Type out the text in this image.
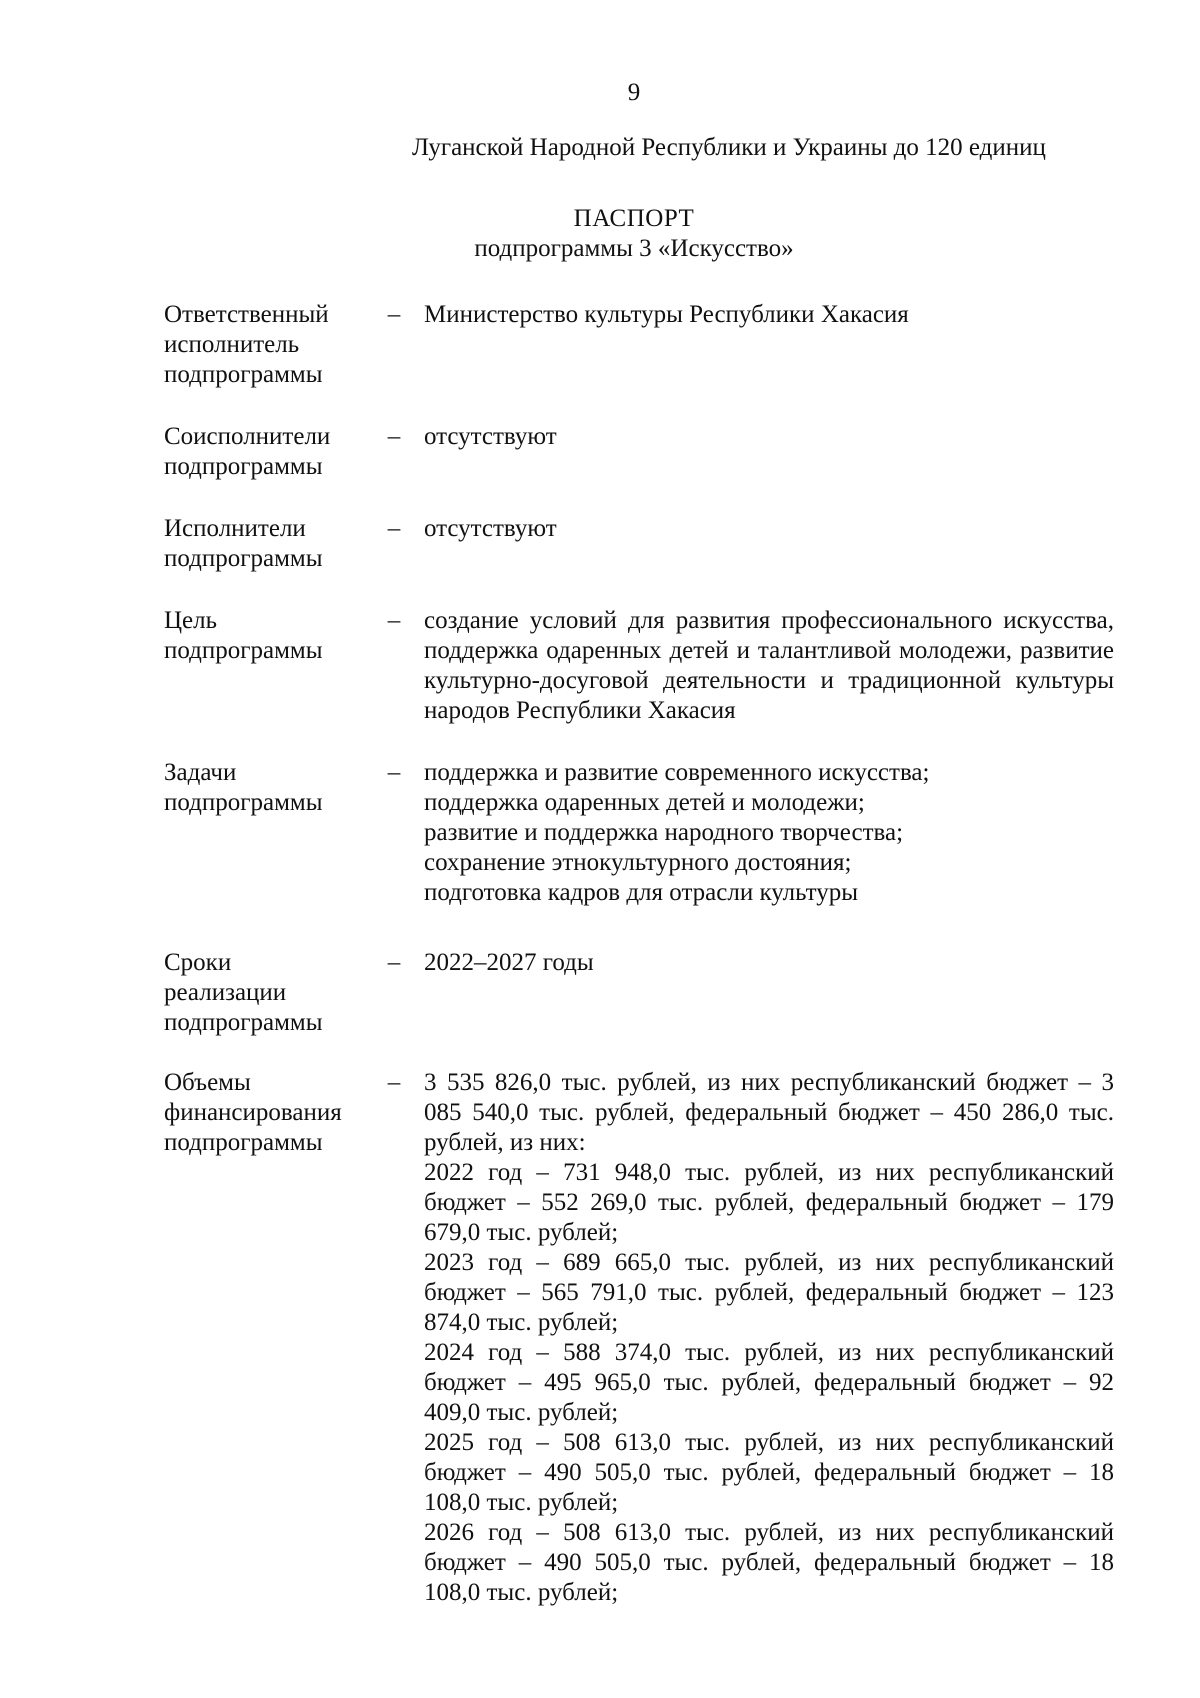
9
Луганской Народной Республики и Украины до 120 единиц
ПАСПОРТ
подпрограммы 3 «Искусство»
Ответственный
исполнитель
подпрограммы
– Министерство культуры Республики Хакасия
Соисполнители
подпрограммы
– отсутствуют
Исполнители
подпрограммы
– отсутствуют
Цель
подпрограммы
– создание условий для развития профессионального искусства, поддержка одаренных детей и талантливой молодежи, развитие культурно-досуговой деятельности и традиционной культуры народов Республики Хакасия
Задачи
подпрограммы
– поддержка и развитие современного искусства;
поддержка одаренных детей и молодежи;
развитие и поддержка народного творчества;
сохранение этнокультурного достояния;
подготовка кадров для отрасли культуры
Сроки
реализации
подпрограммы
– 2022–2027 годы
Объемы
финансирования
подпрограммы
– 3 535 826,0 тыс. рублей, из них республиканский бюджет – 3 085 540,0 тыс. рублей, федеральный бюджет – 450 286,0 тыс. рублей, из них:
2022 год – 731 948,0 тыс. рублей, из них республиканский бюджет – 552 269,0 тыс. рублей, федеральный бюджет – 179 679,0 тыс. рублей;
2023 год – 689 665,0 тыс. рублей, из них республиканский бюджет – 565 791,0 тыс. рублей, федеральный бюджет – 123 874,0 тыс. рублей;
2024 год – 588 374,0 тыс. рублей, из них республиканский бюджет – 495 965,0 тыс. рублей, федеральный бюджет – 92 409,0 тыс. рублей;
2025 год – 508 613,0 тыс. рублей, из них республиканский бюджет – 490 505,0 тыс. рублей, федеральный бюджет – 18 108,0 тыс. рублей;
2026 год – 508 613,0 тыс. рублей, из них республиканский бюджет – 490 505,0 тыс. рублей, федеральный бюджет – 18 108,0 тыс. рублей;
